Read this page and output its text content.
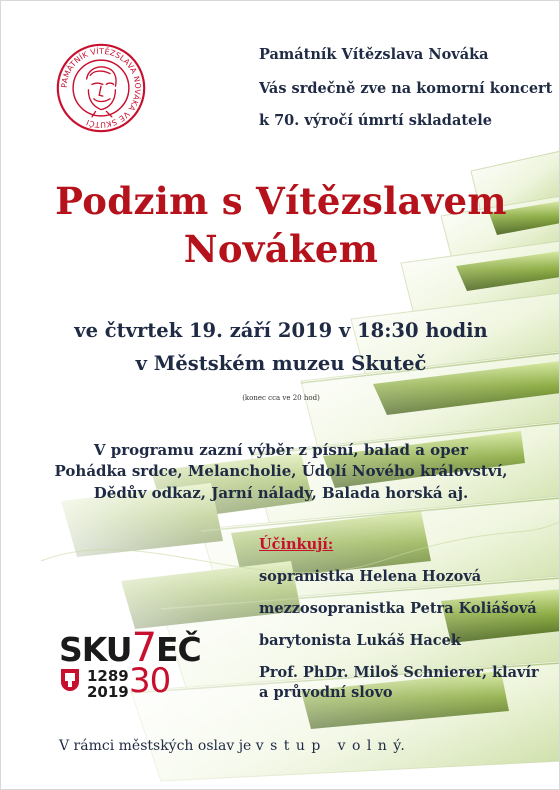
PAMÁTNÍK VÍTĚZSLAVA NOVÁKA VE SKUTČI
Památník Vítězslava Nováka
Vás srdečně zve na komorní koncert
k 70. výročí úmrtí skladatele
Podzim s Vítězslavem
Novákem
ve čtvrtek 19. září 2019 v 18:30 hodin
v Městském muzeu Skuteč
(konec cca ve 20 hod)
V programu zazní výběr z písní, balad a oper
Pohádka srdce, Melancholie, Údolí Nového království,
Dědův odkaz, Jarní nálady, Balada horská aj.
Účinkují:
sopranistka Helena Hozová
mezzosopranistka Petra Koliášová
barytonista Lukáš Hacek
Prof. PhDr. Miloš Schnierer, klavír
a průvodní slovo
SKU7EČ
1289
2019 30
V rámci městských oslav je v s t u p   v o l n ý.
